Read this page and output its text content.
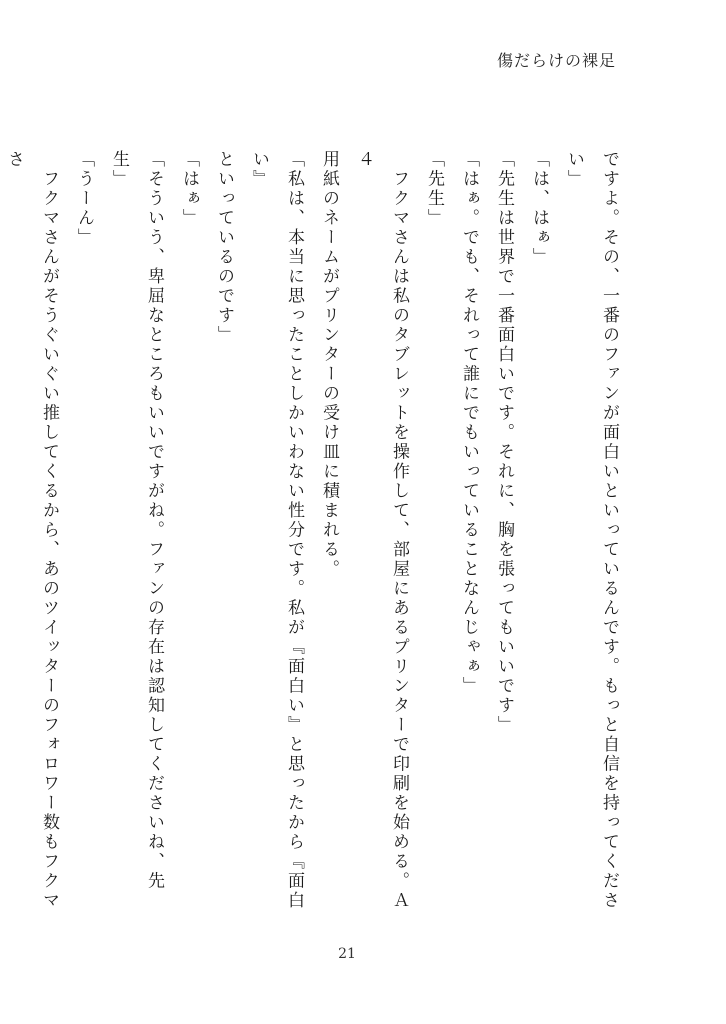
傷だらけの裸足

ですよ。その、一番のファンが面白いといっているんです。もっと自信を持ってください」

「は、はぁ」

「先生は世界で一番面白いです。それに、胸を張ってもいいです」

「はぁ。でも、それって誰にでもいっていることなんじゃぁ」

「先生」

　フクマさんは私のタブレットを操作して、部屋にあるプリンターで印刷を始める。Ａ４

用紙のネームがプリンターの受け皿に積まれる。

「私は、本当に思ったことしかいわない性分です。私が『面白い』と思ったから『面白い』

といっているのです」

「はぁ」

「そういう、卑屈なところもいいですがね。ファンの存在は認知してくださいね、先生」

「うーん」

　フクマさんがそうぐいぐい推してくるから、あのツイッターのフォロワー数もフクマさ

21
